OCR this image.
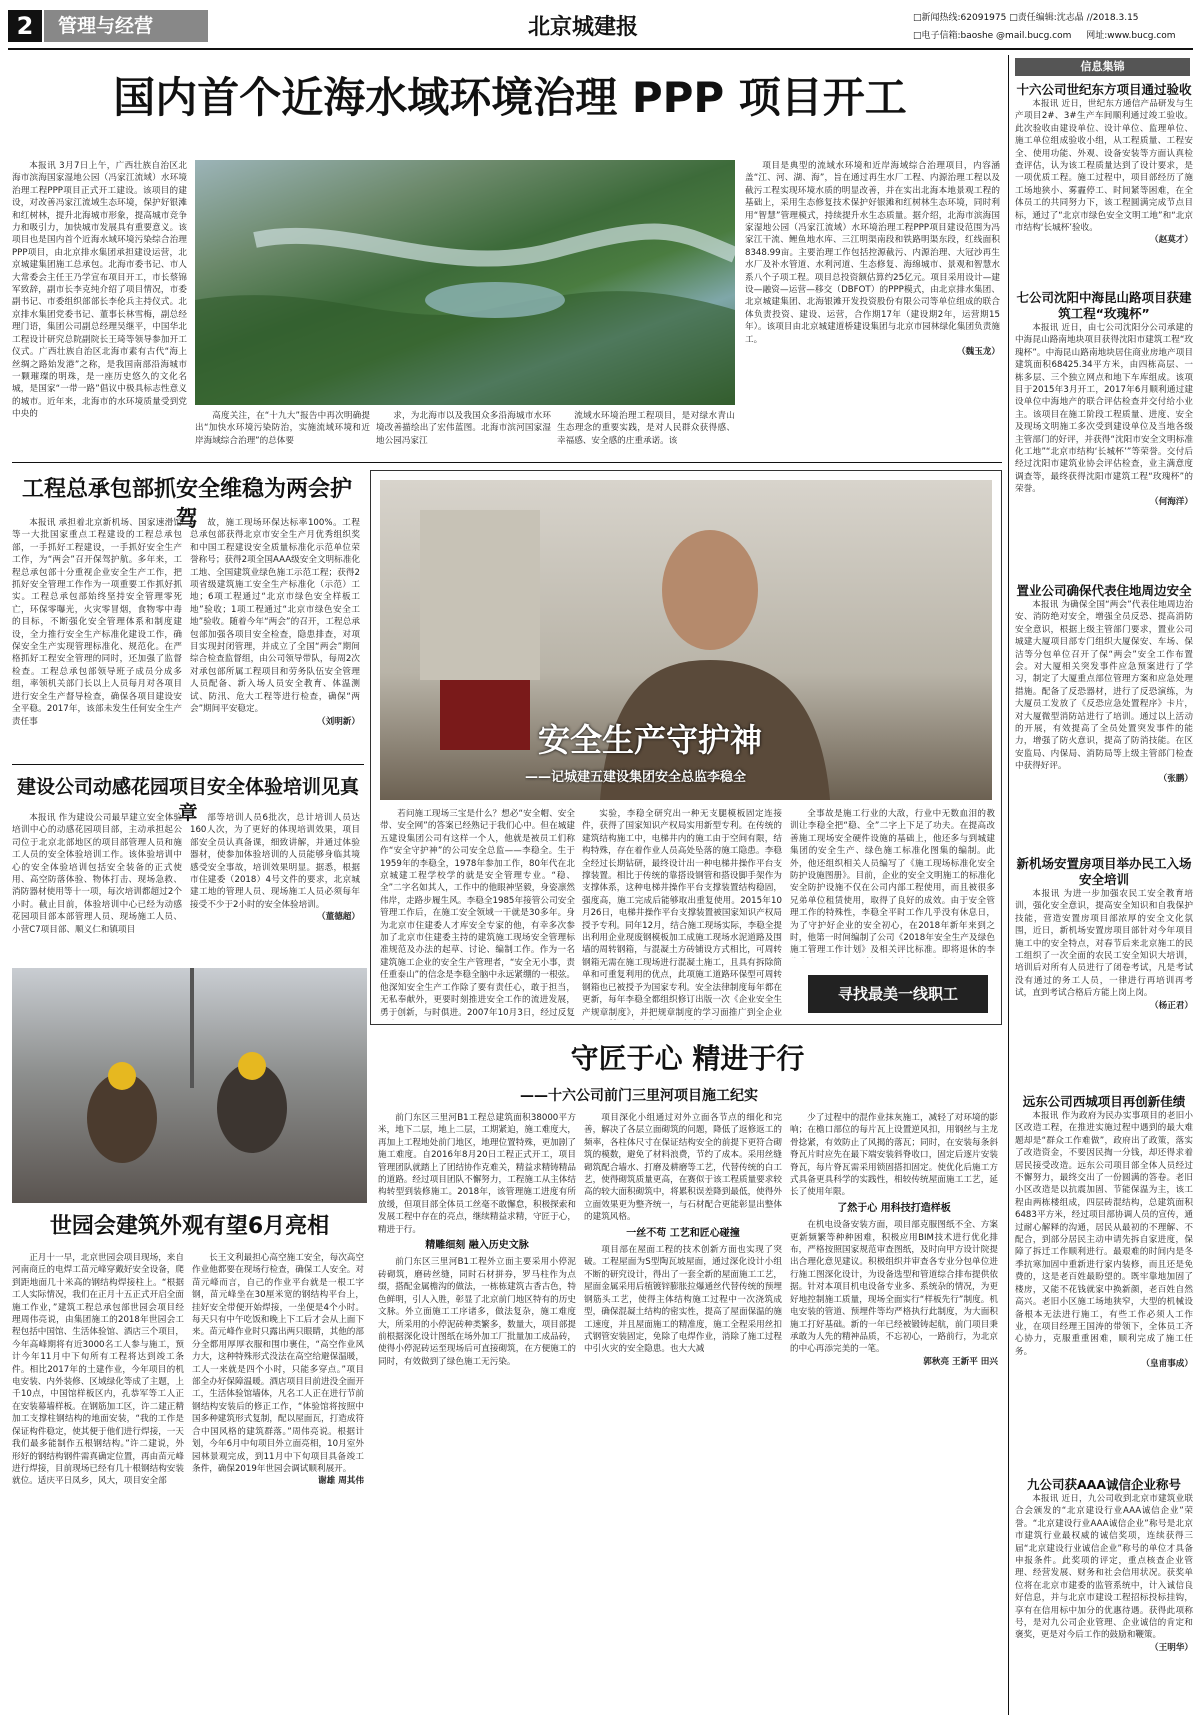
2	管理与经营	北京城建报	□新闻热线:62091975 □责任编辑:沈志晶 //2018.3.15
□电子信箱:baoshe @mail.bucg.com 网址:www.bucg.com
国内首个近海水域环境治理 PPP 项目开工

本报讯 3月7日上午，广西壮族自治区北海市滨海国家湿地公园（冯家江流域）水环境治理工程PPP项目正式开工建设。该项目的建设，对改善冯家江流域生态环境，保护好银滩和红树林，提升北海城市形象，提高城市竞争力和吸引力，加快城市发展具有重要意义。该项目也是国内首个近海水域环境污染综合治理PPP项目，由北京排水集团承担建设运营，北京城建集团施工总承包。北海市委书记、市人大常委会主任王乃学宣布项目开工，市长蔡锦军致辞，副市长李克纯介绍了项目情况，市委副书记、市委组织部部长李伦兵主持仪式。北京排水集团党委书记、董事长林雪梅，副总经理门语，集团公司副总经理吴继平，中国华北工程设计研究总院副院长王琦等领导参加开工仪式。广西壮族自治区北海市素有古代“海上丝绸之路始发港”之称，是我国南部沿海城市一颗璀璨的明珠，是一座历史悠久的文化名城，是国家“一带一路”倡议中极具标志性意义的城市。近年来，北海市的水环境质量受到党中央的	高度关注，在“十九大”报告中再次明确提出“加快水环境污染防治，实施流域环境和近岸海域综合治理”的总体要

求，为北海市以及我国众多沿海城市水环境改善描绘出了宏伟蓝图。北海市滨河国家湿地公园冯家江

流域水环境治理工程项目，是对绿水青山生态理念的重要实践，是对人民群众获得感、幸福感、安全感的庄重承诺。该

项目是典型的流域水环境和近岸海域综合治理项目，内容涵盖“江、河、湖、海”，旨在通过再生水厂工程、内源治理工程以及截污工程实现环境水质的明显改善，并在实出北海本地景观工程的基础上，采用生态修复技术保护好银滩和红树林生态环境，同时利用“智慧”管理模式，持续提升水生态质量。据介绍，北海市滨海国家湿地公园（冯家江流域）水环境治理工程PPP项目建设范围为冯家江干流、鲤鱼地水库、三江明渠南段和铁路明渠东段，红线面积8348.99亩。主要治理工作包括控源截污、内源治理、大冠沙再生水厂及补水管道、水利河道、生态修复、海绵城市、景观和智慧水系八个子项工程。项目总投资额估算约25亿元。项目采用设计—建设—融资—运营—移交（DBFOT）的PPP模式，由北京排水集团、北京城建集团、北海银滩开发投资股份有限公司等单位组成的联合体负责投资、建设、运营，合作期17年（建设期2年，运营期15年）。该项目由北京城建道桥建设集团与北京市园林绿化集团负责施工。

（魏玉龙）
工程总承包部抓安全维稳为两会护驾

本报讯 承担着北京新机场、国家速滑馆等一大批国家重点工程建设的工程总承包部，一手抓好工程建设，一手抓好安全生产工作，为“两会”召开保驾护航。多年来，工程总承包部十分重视企业安全生产工作，把抓好安全管理工作作为一项重要工作抓好抓实。工程总承包部始终坚持安全管理零死亡，环保零曝光，火灾零冒烟，食物零中毒的目标，不断强化安全管理体系和制度建设，全力推行安全生产标准化建设工作，确保安全生产实现管理标准化、规范化。在严格抓好工程安全管理的同时，还加强了监督检查。工程总承包部领导班子成员分成多组，率领机关部门长以上人员每月对各项目进行安全生产督导检查，确保各项目建设安全平稳。2017年，该部未发生任何安全生产责任事

故，施工现场环保达标率100%。工程总承包部获得北京市安全生产月优秀组织奖和中国工程建设安全质量标准化示范单位荣誉称号；获得2项全国AAA级安全文明标准化工地、全国建筑业绿色施工示范工程；获得2项省级建筑施工安全生产标准化（示范）工地；6项工程通过“北京市绿色安全样板工地”验收；1项工程通过“北京市绿色安全工地”验收。随着今年“两会”的召开，工程总承包部加强各项目安全检查，隐患排查，对项目实现封闭管理，并成立了全国“两会”期间综合检查监督组，由公司领导带队，每周2次对承包部所属工程项目和劳务队伍安全管理人员配备、新入场人员安全教育、体温测试、防汛、危大工程等进行检查，确保“两会”期间平安稳定。

（刘明新）
建设公司动感花园项目安全体验培训见真章

本报讯 作为建设公司最早建立安全体验培训中心的动感花园项目部，主动承担起公司位于北京北部地区的项目部管理人员和施工人员的安全体验培训工作。该体验培训中心的安全体验培训包括安全装备的正式使用、高空防落体验、物体打击、现场急救、消防器材使用等十一项，每次培训都超过2个小时。截止目前，体验培训中心已经为动感花园项目部本部管理人员、现场施工人员、小营C7项目部、顺义仁和镇项目

部等培训人员6批次，总计培训人员达160人次，为了更好的体现培训效果，项目部安全员认真备课，细致讲解，并通过体验器材，使参加体验培训的人员能够身临其境感受安全事故，培训效果明显。据悉，根据市住建委（2018）4号文件的要求，北京城建工地的管理人员、现场施工人员必须每年接受不少于2小时的安全体验培训。

（董德超）
安全生产守护神
——记城建五建设集团安全总监李稳全

若问施工现场三宝是什么？想必“安全帽、安全带、安全网”的答案已经熟记于我们心中。但在城建五建设集团公司有这样一个人，他就是被员工们称作“安全守护神”的公司安全总监——李稳全。生于1959年的李稳全，1978年参加工作，80年代在北京城建工程学校学的就是安全管理专业。“稳、全”二字名如其人，工作中的他眼神坚毅，身姿凛然伟岸，走路步履生风。李稳全1985年接管公司安全管理工作后，在施工安全领域一干就是30多年。身为北京市住建委人才库安全专家的他，有幸多次参加了北京市住建委主持的建筑施工现场安全管理标准规范及办法的起草、讨论、编制工作。作为一名建筑施工企业的安全生产管理者，“安全无小事，责任重泰山”的信念是李稳全脑中永远紧绷的一根弦。他深知安全生产工作除了要有责任心，敢于担当，无私奉献外，更要时刻推进安全工作的流进发展，勇于创新，与时俱进。2007年10月3日，经过反复

实验，李稳全研究出一种无支腿模板固定连接件，获得了国家知识产权局实用新型专利。在传统的建筑结构施工中，电梯井内的施工由于空间有限，结构特殊，存在着作业人员高处坠落的施工隐患。李稳全经过长期钻研，最终设计出一种电梯井操作平台支撑装置。相比于传统的靠搭设钢管和搭设脚手架作为支撑体系，这种电梯井操作平台支撑装置结构稳固，强度高，施工完成后能够取出重复使用。2015年10月26日，电梯井操作平台支撑装置被国家知识产权局授予专利。同年12月，结合施工现场实际，李稳全提出利用企业现废钢模板加工成施工现场水泥道路及围墙的周转钢箱，与混凝土方砖铺设方式相比，可周转钢箱无需在施工现场进行混凝土施工，且具有拆除简单和可重复利用的优点，此项施工道路环保型可周转钢箱也已被授予为国家专利。安全法律制度每年都在更新，每年李稳全都组织修订出版一次《企业安全生产规章制度》，并把规章制度的学习面推广到全企业

全事故是施工行业的大敌，行业中无数血泪的教训让李稳全把“稳、全”二字上下足了功夫。在提高改善施工现场安全硬件设施的基础上，他还多与到城建集团的安全生产、绿色施工标准化图集的编制。此外，他还组织相关人员编写了《施工现场标准化安全防护设施图册》。目前，企业的安全文明施工的标准化安全防护设施不仅在公司内部工程使用，而且被很多兄弟单位租赁使用，取得了良好的成效。由于安全管理工作的特殊性，李稳全平时工作几乎没有休息日，为了守护好企业的安全初心，在2018年新年来到之时，他第一时间编制了公司《2018年安全生产及绿色施工管理工作计划》及相关评比标准。即将退休的李

寻找最美一线职工
世园会建筑外观有望6月亮相

正月十一早，北京世园会项目现场，来自河南商丘的电焊工苗元峰穿戴好安全设备，爬到距地面几十米高的钢结构焊接柱上。“根据工人实际情况，我们在正月十五正式开启全面施工作业，”建筑工程总承包部世园会项目经理周伟亮说，由集团施工的2018年世园会工程包括中国馆、生活体验馆、酒店三个项目，今年高峰期将有近3000名工人参与施工，预计今年11月中下旬所有工程将达到竣工条件。相比2017年的土建作业，今年项目的机电安装、内外装修、区域绿化等成了主题，上千10点，中国馆样板区内，孔恭军等工人正在安装幕墙样板。在钢筋加工区，许二建正精加工支撑柱钢结构的地面安装，“我的工作是保证构件稳定，使其便于他们进行焊接，一天我们最多能制作五根钢结构。”许二建说，外形好的钢结构钢件需真确定位置，再由苗元峰进行焊接，目前现场已经有几十根钢结构安装就位。适庆平日凤乡，风大，项目安全部

长王文利最担心高空施工安全，每次高空作业他都要在现场行检查，确保工人安全。对苗元峰而言，自己的作业平台就是一根工字钢，苗元峰坐在30厘米宽的钢结构平台上，挂好安全带便开始焊接，一坐便是4个小时。每天只有中午吃饭和晚上下工后才会从上面下来。苗元峰作业时只露出两只眼睛，其他的部分全都用厚厚衣服和围巾裹住，“高空作业风力大，这种特殊形式没法在高空给避保温暖，工人一来就是四个小时，只能多穿点。”项目部全办好保障温暖。酒店项目目前进没全面开工，生活体验馆墙体，凡名工人正在进行节前钢结构安装后的修正工作，“体验馆将按照中国多种建筑形式复制，配以屋面瓦，打造成符合中国风格的建筑群落。”周伟亮说。根据计划，今年6月中旬项目外立面亮相，10月室外园林景观完成，到11月中下旬项目具备竣工条件，确保2019年世园会调试顺利展开。

谢雄 周其伟
守匠于心 精进于行
——十六公司前门三里河项目施工纪实

前门东区三里河B1工程总建筑面积38000平方米，地下二层，地上二层，工期紧迫，施工难度大，再加上工程地处前门地区，地理位置特殊，更加剧了施工难度。自2016年8月20日工程正式开工，项目管理团队就踏上了团结协作克难关，精益求精铸精品的道路。经过项目团队不懈努力，工程施工从主体结构转型到装修施工。2018年，该管理施工进度有所放缓，但项目部全体员工丝毫不敢懈怠，积极探索和发展工程中存在的亮点，继续精益求精，守匠于心，精进于行。

精雕细刻 融入历史文脉

前门东区三里河B1工程外立面主要采用小停泥砖砌筑，磨砖丝缝，同时石材拼券，罗马柱作为点缀，搭配金属檐沟的做法，一栋栋建筑古香古色，特色鲜明，引人入胜，彰显了北京前门地区特有的历史文脉。外立面施工工序诸多，做法复杂，施工难度大，所采用的小停泥砖种类繁多，数量大，项目部提前根据深化设计图纸在场外加工厂批量加工成品砖，使得小停泥砖运至现场后可直接砌筑，在方便施工的同时，有效做到了绿色施工无污染。

项目深化小组通过对外立面各节点的细化和完善，解决了各层立面砌筑的问题，降低了返修返工的频率，各柱体尺寸在保证结构安全的前提下更符合砌筑的模数，避免了材料浪费，节约了成本。采用丝缝砌筑配合墙水、打磨及耕磨等工艺，代替传统的白工艺，使得砌筑质量更高，在赛似于该工程质量要求较高的较大面积砌筑中，将累积误差降到最低，使得外立面效果更为整齐统一，与石材配合更能彰显出整体的建筑风格。

一丝不苟 工艺和匠心碰撞

项目部在屋面工程的技术创新方面也实现了突破。工程屋面为S型陶瓦坡屋面，通过深化设计小组不断的研究设计，得出了一套全新的屋面施工工艺，屋面金属采用后植镀锌膨胀拉爆通丝代替传统的预埋钢筋头工艺，使得主体结构施工过程中一次浇筑成型，确保混凝土结构的密实性，提高了屋面保温的施工速度，并且屋面施工的精准度，施工全程采用丝扣式钢管安装固定，免除了电焊作业，消除了施工过程中引火灾的安全隐患。也大大减

少了过程中的混作业抹灰施工，减轻了对环境的影响；在檐口部位的每片瓦上设置逆风扣，用钢丝与主龙骨捻紧，有效防止了风揭的落瓦；同时，在安装每条斜脊瓦片时应先在最下端安装斜脊收口，固定后逐片安装脊瓦，每片脊瓦需采用锁固搭扣固定。使优化后施工方式具备更具科学的实践性，相较传统屋面施工工艺，延长了使用年限。

了然于心 用科技打造样板

在机电设备安装方面，项目部克服图纸不全、方案更新频繁等种种困难，积极应用BIM技术进行优化排布，严格按照国家规范审查图纸，及时向甲方设计院提出合理化意见建议。积极组织并审查各专业分包单位进行施工图深化设计，为设备选型和管道综合排布提供依据。针对本项目机电设备专业多、系统杂的情况，为更好地控制施工质量，现场全面实行“样板先行”制度。机电安装的管道、预埋件等均严格执行此制度，为大面积施工打好基础。新的一年已经被锻铸起航，前门项目秉承敢为人先的精神品质，不忘初心，一路前行，为北京的中心再添完美的一笔。

郭秋亮 王新平 田兴
信息集锦
十六公司世纪东方项目通过验收

本报讯 近日，世纪东方通信产品研发与生产项目2#、3#生产车间顺利通过竣工验收。此次验收由建设单位、设计单位、监理单位、施工单位组成验收小组，从工程质量、工程安全、使用功能、外观、设备安装等方面认真检查评估，认为该工程质量达到了设计要求，是一项优质工程。施工过程中，项目部经历了施工场地狭小、雾霾停工、时间紧等困难，在全体员工的共同努力下，该工程圆满完成节点目标，通过了“北京市绿色安全文明工地”和“北京市结构‘长城杯’验收。

（赵莫才）
七公司沈阳中海昆山路项目获建筑工程“玫瑰杯”

本报讯 近日，由七公司沈阳分公司承建的中海昆山路南地块项目获得沈阳市建筑工程“玫瑰杯”。中海昆山路南地块居住商业房地产项目建筑面积68425.34平方米，由四栋高层、一栋多层、三个独立网点和地下车库组成。该项目于2015年3月开工，2017年6月顺利通过建设单位中海地产的联合评估检查并交付给小业主。该项目在施工阶段工程质量、进度、安全及现场文明施工多次受到建设单位及当地各级主管部门的好评，并获得“沈阳市安全文明标准化工地”“北京市结构‘长城杯’”等荣誉。交付后经过沈阳市建筑业协会评估检查，业主满意度调查等，最终获得沈阳市建筑工程“玫瑰杯”的荣誉。

（何海洋）
置业公司确保代表住地周边安全

本报讯 为确保全国“两会”代表住地周边治安、消防绝对安全，增强全员反恐、提高消防安全意识，根据上级主管部门要求，置业公司城建大厦项目部专门组织大厦保安、车场、保洁等分包单位召开了保“两会”安全工作布置会。对大厦相关突发事件应急预案进行了学习，制定了大厦重点部位管理方案和应急处理措施。配备了反恐器材，进行了反恐演练，为大厦员工发放了《反恐应急处置程序》卡片，对大厦微型消防站进行了培训。通过以上活动的开展，有效提高了全员处置突发事件的能力，增强了防火意识，提高了防消技能。在区安监局、内保局、消防局等上级主管部门检查中获得好评。

（张鹏）
新机场安置房项目举办民工入场安全培训

本报讯 为进一步加强农民工安全教育培训，强化安全意识，提高安全知识和自我保护技能，营造安置房项目部浓厚的安全文化氛围，近日，新机场安置房项目部针对今年项目施工中的安全特点，对春节后来北京施工的民工组织了一次全面的农民工安全知识大培训，培训后对所有人员进行了闭卷考试，凡是考试没有通过的务工人员，一律进行再培训再考试，直到考试合格后方能上岗上岗。

（杨正君）
远东公司西城项目再创新佳绩

本报讯 作为政府为民办实事项目的老旧小区改造工程，在推进实施过程中遇到的最大难题却是“群众工作难做”，政府出了政策，落实了改造资金，不要因民掏一分钱，却还得求着居民接受改造。远东公司项目部全体人员经过不懈努力，最终交出了一份圆满的答卷。老旧小区改造是以抗震加固、节能保温为主，该工程由两栋楼组成，四层砖混结构，总建筑面积6483平方米，经过项目部协调人员的宣传，通过耐心解释的沟通，居民从最初的不理解、不配合，到部分居民主动申请先拆自家进度，保障了拆迁工作顺利进行。最艰难的时间内是冬季抗寒加固中重新进行家内装修，而且还是免费的，这是老百姓最盼望的。既牢靠地加固了楼房，又能不花钱就家中换新颜，老百姓自然高兴。老旧小区施工场地狭窄，大型的机械设备根本无法进行施工，有些工作必须人工作业，在项目经理王国涛的带领下，全体员工齐心协力，克服重重困难，顺利完成了施工任务。

（皇甫事成）
九公司获AAA诚信企业称号

本报讯 近日，九公司收到北京市建筑业联合会颁发的“北京建设行业AAA诚信企业”荣誉。“北京建设行业AAA诚信企业”称号是北京市建筑行业最权威的诚信奖项，连续获得三届“北京建设行业诚信企业”称号的单位才具备申报条件。此奖项的评定，重点核查企业管理、经营发展、财务和社会信用状况。获奖单位将在北京市建委的监管系统中，计入诚信良好信息，并与北京市建设工程招标投标挂钩，享有在信用标中加分的优惠待遇。获得此项称号，是对九公司企业管理、企业诚信的肯定和褒奖，更是对今后工作的鼓励和鞭策。

（王明华）
